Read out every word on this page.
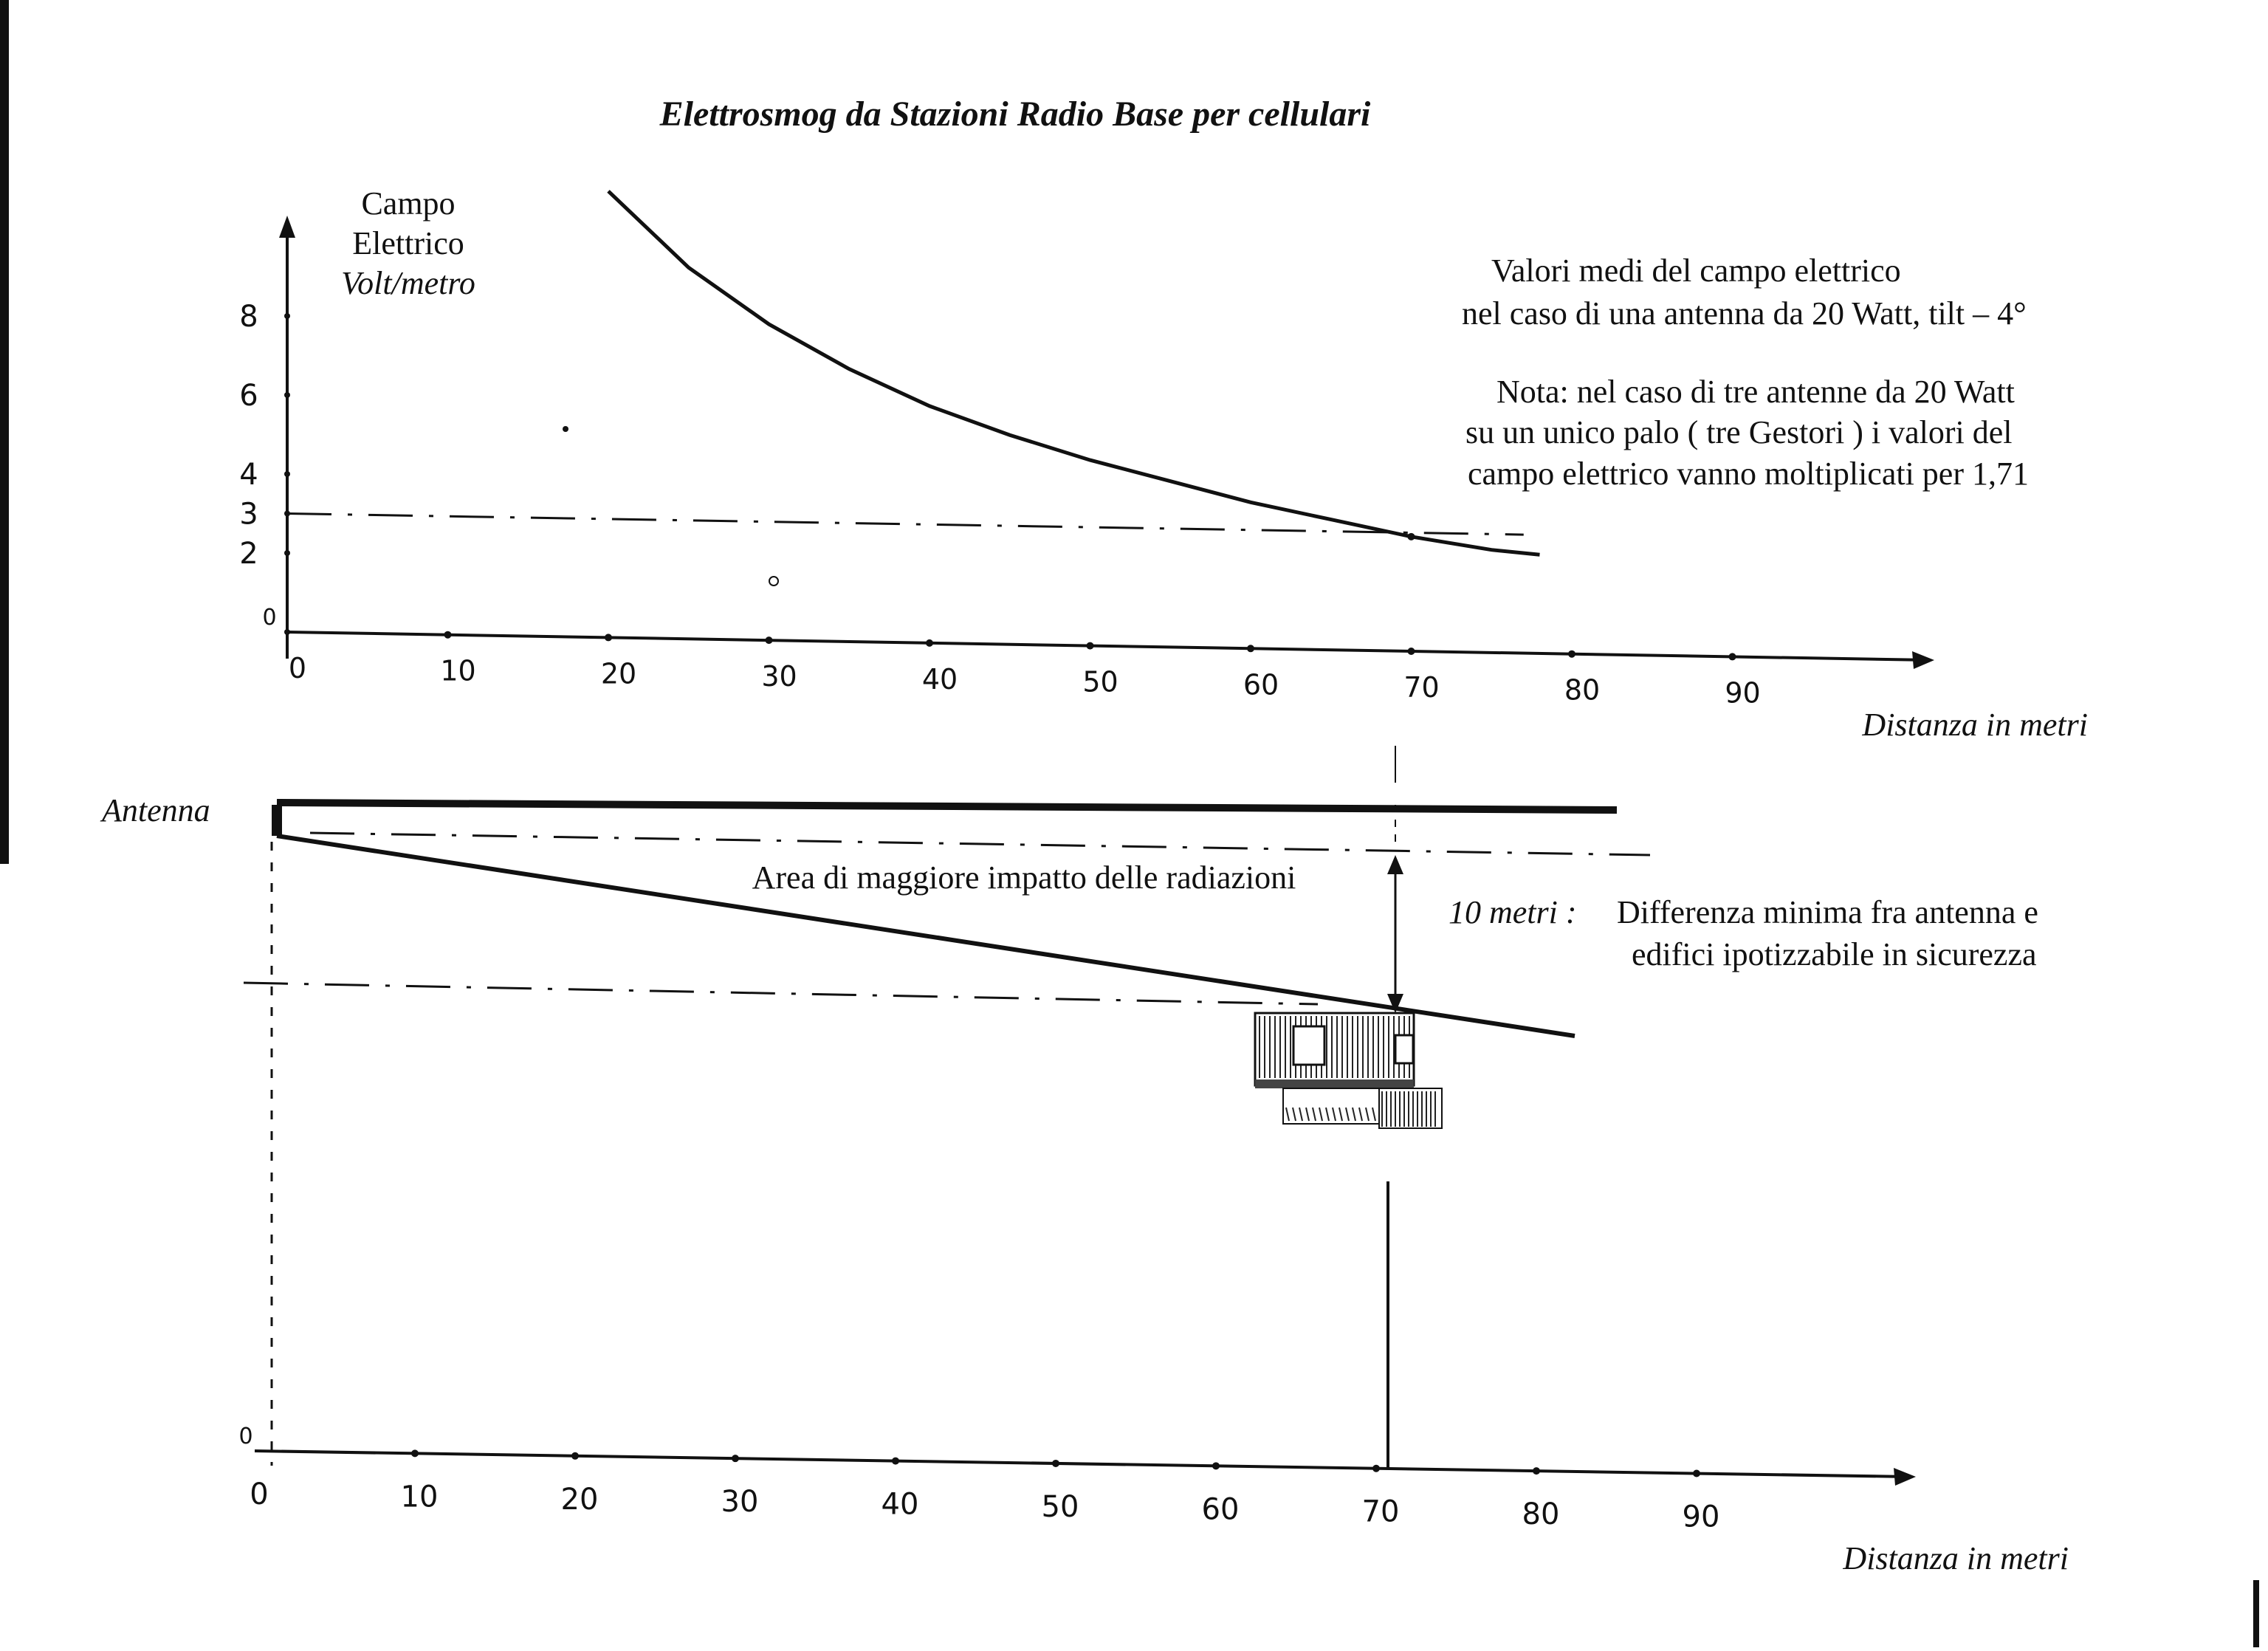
Elettrosmog da Stazioni Radio Base per cellulari
Campo
Elettrico
Volt/metro
0
2
3
4
6
8
0	10	20	30	40	50	60	70	80	90
Distanza in metri
Valori medi del campo elettrico
nel caso di una antenna da 20 Watt, tilt – 4°
Nota: nel caso di tre antenne da 20 Watt
su un unico palo ( tre Gestori ) i valori del
campo elettrico vanno moltiplicati per 1,71
Antenna
Area di maggiore impatto delle radiazioni
10 metri : Differenza minima fra antenna e
edifici ipotizzabile in sicurezza
0	10	20	30	40	50	60	70	80	90
0
Distanza in metri
